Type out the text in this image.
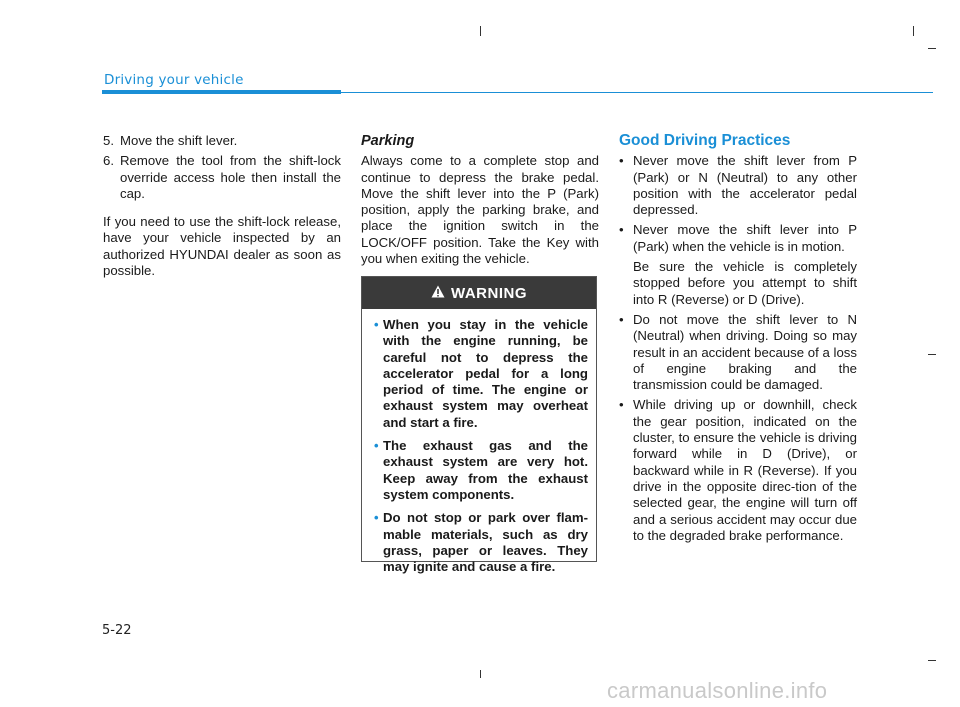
Driving your vehicle
5. Move the shift lever.
6. Remove the tool from the shift-lock override access hole then install the cap.

If you need to use the shift-lock release, have your vehicle inspected by an authorized HYUNDAI dealer as soon as possible.

Parking

Always come to a complete stop and continue to depress the brake pedal. Move the shift lever into the P (Park) position, apply the parking brake, and place the ignition switch in the LOCK/OFF position. Take the Key with you when exiting the vehicle.

WARNING
• When you stay in the vehicle with the engine running, be careful not to depress the accelerator pedal for a long period of time. The engine or exhaust system may overheat and start a fire.
• The exhaust gas and the exhaust system are very hot. Keep away from the exhaust system components.
• Do not stop or park over flam-mable materials, such as dry grass, paper or leaves. They may ignite and cause a fire.
Good Driving Practices
• Never move the shift lever from P (Park) or N (Neutral) to any other position with the accelerator pedal depressed.
• Never move the shift lever into P (Park) when the vehicle is in motion.
Be sure the vehicle is completely stopped before you attempt to shift into R (Reverse) or D (Drive).
• Do not move the shift lever to N (Neutral) when driving. Doing so may result in an accident because of a loss of engine braking and the transmission could be damaged.
• While driving up or downhill, check the gear position, indicated on the cluster, to ensure the vehicle is driving forward while in D (Drive), or backward while in R (Reverse). If you drive in the opposite direc-tion of the selected gear, the engine will turn off and a serious accident may occur due to the degraded brake performance.
5-22
carmanualsonline.info
